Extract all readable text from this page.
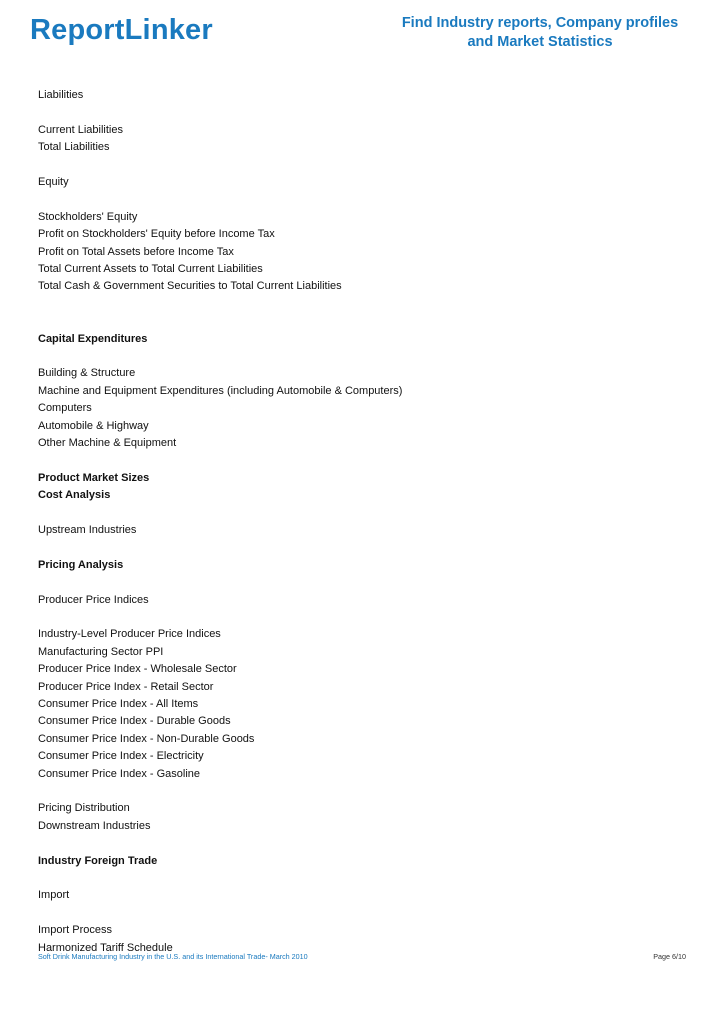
ReportLinker	Find Industry reports, Company profiles
and Market Statistics
Liabilities
Current Liabilities
Total Liabilities
Equity
Stockholders' Equity
Profit on Stockholders' Equity before Income Tax
Profit on Total Assets before Income Tax
Total Current Assets to Total Current Liabilities
Total Cash & Government Securities to Total Current Liabilities
Capital Expenditures
Building & Structure
Machine and Equipment Expenditures (including Automobile & Computers)
Computers
Automobile & Highway
Other Machine & Equipment
Product Market Sizes
Cost Analysis
Upstream Industries
Pricing Analysis
Producer Price Indices
Industry-Level Producer Price Indices
Manufacturing Sector PPI
Producer Price Index - Wholesale Sector
Producer Price Index - Retail Sector
Consumer Price Index - All Items
Consumer Price Index - Durable Goods
Consumer Price Index - Non-Durable Goods
Consumer Price Index - Electricity
Consumer Price Index - Gasoline
Pricing Distribution
Downstream Industries
Industry Foreign Trade
Import
Import Process
Harmonized Tariff Schedule
Soft Drink Manufacturing Industry in the U.S. and its International Trade- March 2010	Page 6/10
